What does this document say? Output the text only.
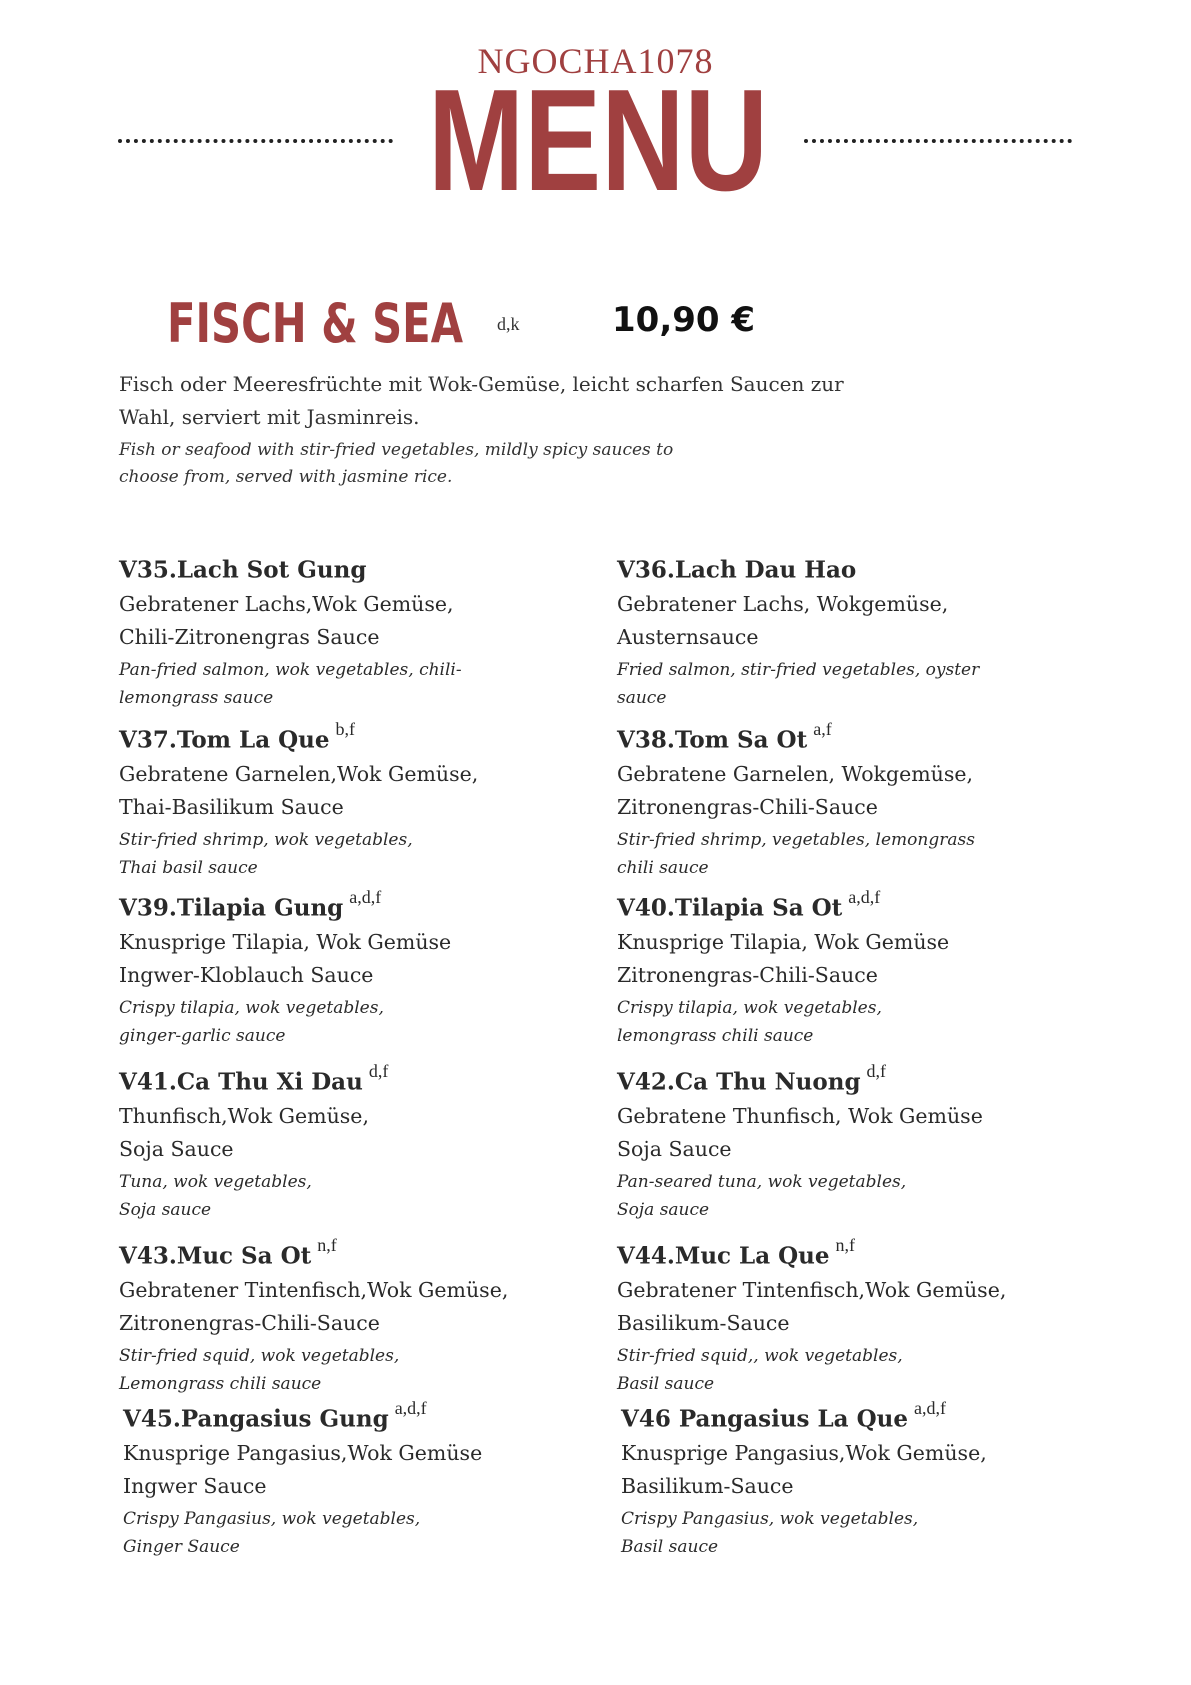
NGOCHA1078
MENU
FISCH & SEA d,k	10,90 €
Fisch oder Meeresfrüchte mit Wok-Gemüse, leicht scharfen Saucen zur
Wahl, serviert mit Jasminreis.
Fish or seafood with stir-fried vegetables, mildly spicy sauces to
choose from, served with jasmine rice.
V35.Lach Sot Gung
Gebratener Lachs,Wok Gemüse,
Chili-Zitronengras Sauce
Pan-fried salmon, wok vegetables, chili-
lemongrass sauce
V36.Lach Dau Hao
Gebratener Lachs, Wokgemüse,
Austernsauce
Fried salmon, stir-fried vegetables, oyster
sauce
V37.Tom La Que $^{b,f}$
Gebratene Garnelen,Wok Gemüse,
Thai-Basilikum Sauce
Stir-fried shrimp, wok vegetables,
Thai basil sauce
V38.Tom Sa Ot $^{a,f}$
Gebratene Garnelen, Wokgemüse,
Zitronengras-Chili-Sauce
Stir-fried shrimp, vegetables, lemongrass
chili sauce
V39.Tilapia Gung $^{a,d,f}$
Knusprige Tilapia, Wok Gemüse
Ingwer-Kloblauch Sauce
Crispy tilapia, wok vegetables,
ginger-garlic sauce
V40.Tilapia Sa Ot $^{a,d,f}$
Knusprige Tilapia, Wok Gemüse
Zitronengras-Chili-Sauce
Crispy tilapia, wok vegetables,
lemongrass chili sauce
V41.Ca Thu Xi Dau $^{d,f}$
Thunfisch,Wok Gemüse,
Soja Sauce
Tuna, wok vegetables,
Soja sauce
V42.Ca Thu Nuong $^{d,f}$
Gebratene Thunfisch, Wok Gemüse
Soja Sauce
Pan-seared tuna, wok vegetables,
Soja sauce
V43.Muc Sa Ot $^{n,f}$
Gebratener Tintenfisch,Wok Gemüse,
Zitronengras-Chili-Sauce
Stir-fried squid, wok vegetables,
Lemongrass chili sauce
V44.Muc La Que $^{n,f}$
Gebratener Tintenfisch,Wok Gemüse,
Basilikum-Sauce
Stir-fried squid,, wok vegetables,
Basil sauce
V45.Pangasius Gung $^{a,d,f}$
Knusprige Pangasius,Wok Gemüse
Ingwer Sauce
Crispy Pangasius, wok vegetables,
Ginger Sauce
V46 Pangasius La Que $^{a,d,f}$
Knusprige Pangasius,Wok Gemüse,
Basilikum-Sauce
Crispy Pangasius, wok vegetables,
Basil sauce
